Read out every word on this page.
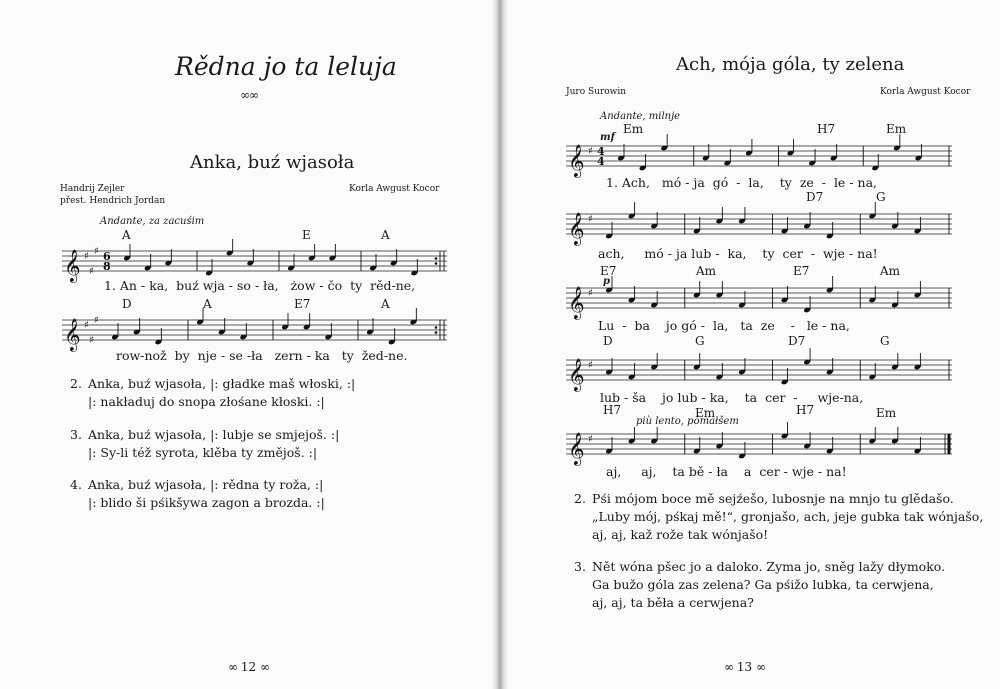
Rědna jo ta leluja
∞∞
Anka, buź wjasoła
Handrij Zejler
přest. Hendrich Jordan
Korla Awgust Kocor
Andante, za zacuśim
A	E	A
𝄞 ♯
♯
♯ 6
8
1. An - ka, buź wja - so - ła, żow - čo ty rěd-ne,
D	A	E7	A
𝄞 ♯
♯
♯
row-nož by nje - se -ła zern - ka ty žed-ne.
2. Anka, buź wjasoła, |: gładke maš włoski, :|
|: nakładuj do snopa złośane kłoski. :|
3. Anka, buź wjasoła, |: lubje se smjejoš. :|
|: Sy-li též syrota, klěba ty změjoš. :|
4. Anka, buź wjasoła, |: rědna ty roža, :|
|: blido ši pśikšywa zagon a brozda. :|
∞ 12 ∞
Ach, mója góla, ty zelena
Juro Surowin	Korla Awgust Kocor
Andante, milnje
mf
Em	H7	Em
𝄞 ♯ 4
4
1. Ach, mó - ja gó - la, ty ze - le - na,
D7	G
𝄞 ♯
ach, mó - ja lub - ka, ty cer - wje - na!
E7
p
Am	E7	Am
𝄞 ♯
Lu - ba jo gó - la, ta ze - le - na,
D	G	D7	G
𝄞 ♯
lub - ša jo lub - ka, ta cer - wje-na,
H7	Em	H7	Em
più lento, pómałšem
𝄞 ♯
aj, aj, ta bě - ła a cer - wje - na!
2. Pśi mójom boce mě sejźešo, lubosnje na mnjo tu glědašo.
„Luby mój, pśkaj mě!“, gronjašo, ach, jeje gubka tak wónjašo,
aj, aj, kaž rože tak wónjašo!
3. Nět wóna pšec jo a daloko. Zyma jo, sněg lažy dłymoko.
Ga bužo góla zas zelena? Ga pśižo lubka, ta cerwjena,
aj, aj, ta běła a cerwjena?
∞ 13 ∞
